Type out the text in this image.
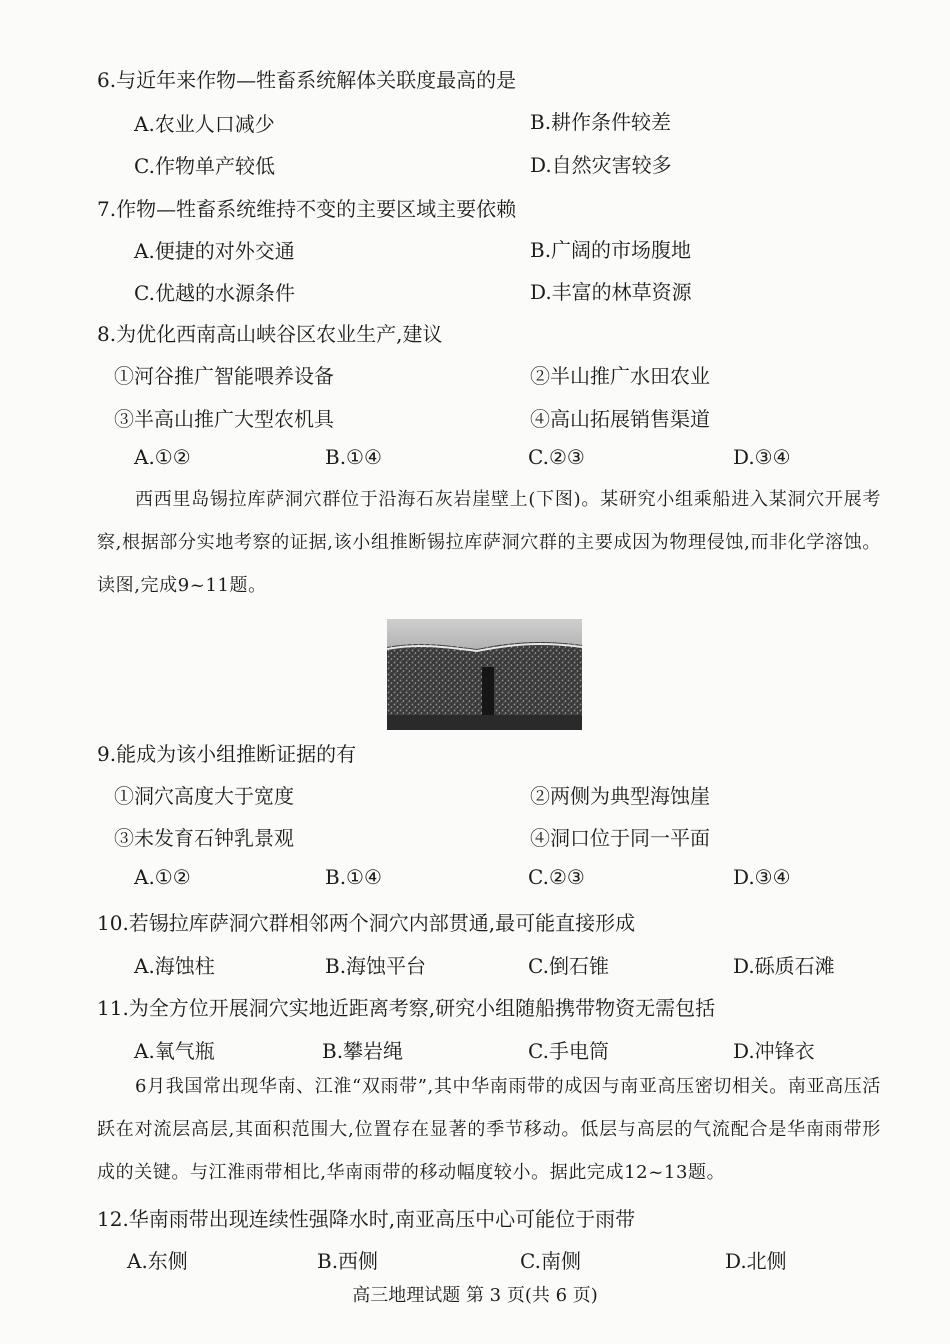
6.与近年来作物—牲畜系统解体关联度最高的是
A.农业人口减少	B.耕作条件较差
C.作物单产较低	D.自然灾害较多
7.作物—牲畜系统维持不变的主要区域主要依赖
A.便捷的对外交通	B.广阔的市场腹地
C.优越的水源条件	D.丰富的林草资源
8.为优化西南高山峡谷区农业生产,建议
①河谷推广智能喂养设备	②半山推广水田农业
③半高山推广大型农机具	④高山拓展销售渠道
A.①②	B.①④	C.②③	D.③④
西西里岛锡拉库萨洞穴群位于沿海石灰岩崖壁上(下图)。某研究小组乘船进入某洞穴开展考察,根据部分实地考察的证据,该小组推断锡拉库萨洞穴群的主要成因为物理侵蚀,而非化学溶蚀。读图,完成9~11题。
9.能成为该小组推断证据的有
①洞穴高度大于宽度	②两侧为典型海蚀崖
③未发育石钟乳景观	④洞口位于同一平面
A.①②	B.①④	C.②③	D.③④
10.若锡拉库萨洞穴群相邻两个洞穴内部贯通,最可能直接形成
A.海蚀柱	B.海蚀平台	C.倒石锥	D.砾质石滩
11.为全方位开展洞穴实地近距离考察,研究小组随船携带物资无需包括
A.氧气瓶	B.攀岩绳	C.手电筒	D.冲锋衣
6月我国常出现华南、江淮“双雨带”,其中华南雨带的成因与南亚高压密切相关。南亚高压活跃在对流层高层,其面积范围大,位置存在显著的季节移动。低层与高层的气流配合是华南雨带形成的关键。与江淮雨带相比,华南雨带的移动幅度较小。据此完成12~13题。
12.华南雨带出现连续性强降水时,南亚高压中心可能位于雨带
A.东侧	B.西侧	C.南侧	D.北侧
高三地理试题 第 3 页(共 6 页)
